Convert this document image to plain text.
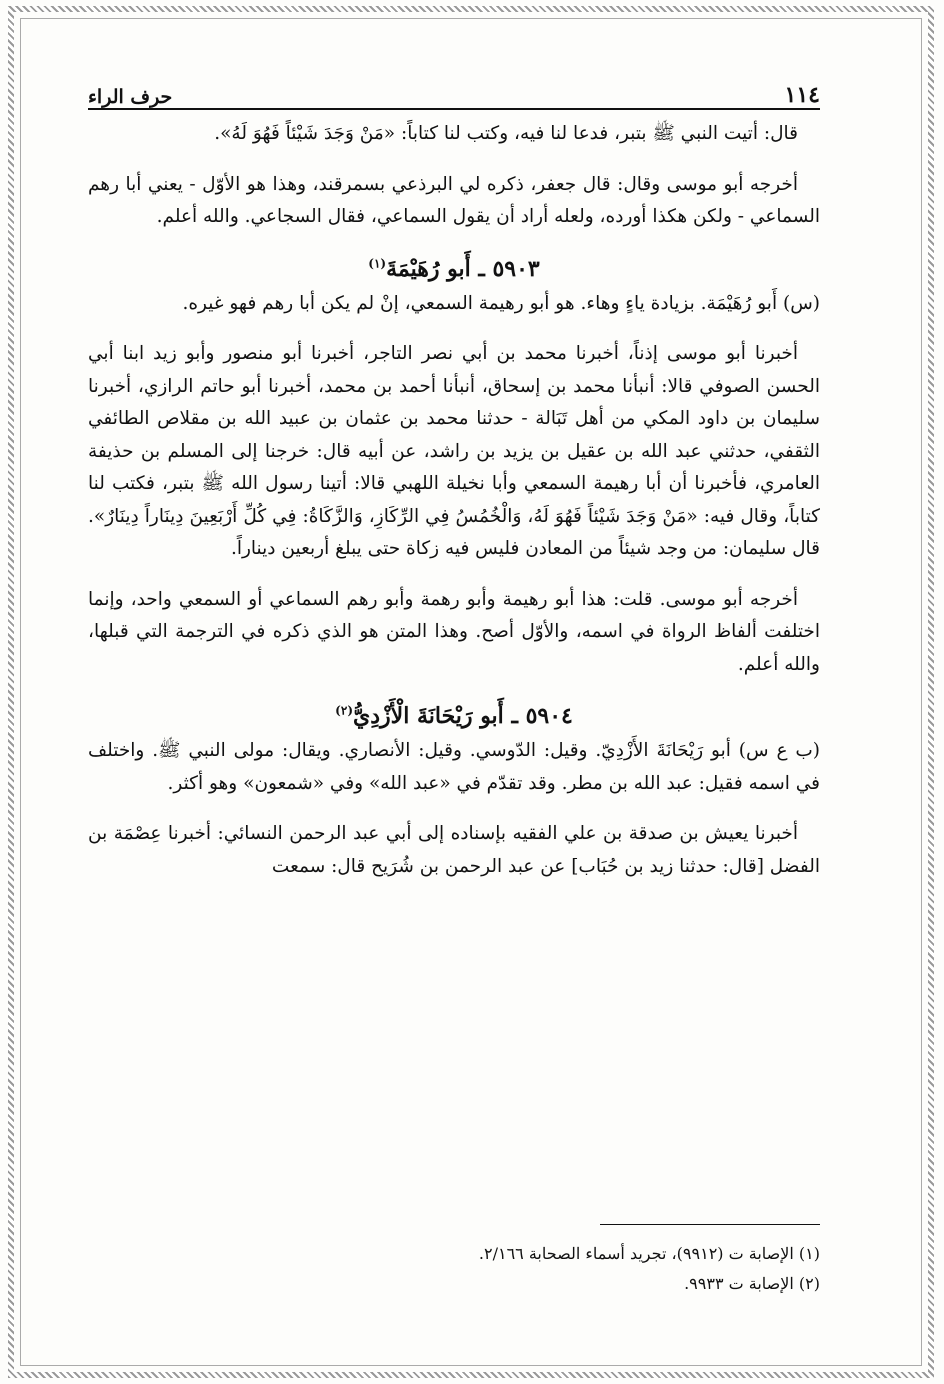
١١٤
حرف الراء

قال: أتيت النبي ﷺ بتبر، فدعا لنا فيه، وكتب لنا كتاباً: «مَنْ وَجَدَ شَيْئاً فَهُوَ لَهُ».

أخرجه أبو موسى وقال: قال جعفر، ذكره لي البرذعي بسمرقند، وهذا هو الأوّل - يعني أبا رهم السماعي - ولكن هكذا أورده، ولعله أراد أن يقول السماعي، فقال السجاعي. والله أعلم.

٥٩٠٣ ـ أَبو رُهَيْمَةَ$^{(١)}$

(س) أَبو رُهَيْمَة. بزيادة ياءٍ وهاء. هو أبو رهيمة السمعي، إنْ لم يكن أبا رهم فهو غيره.

أخبرنا أبو موسى إذناً، أخبرنا محمد بن أبي نصر التاجر، أخبرنا أبو منصور وأبو زيد ابنا أبي الحسن الصوفي قالا: أنبأنا محمد بن إسحاق، أنبأنا أحمد بن محمد، أخبرنا أبو حاتم الرازي، أخبرنا سليمان بن داود المكي من أهل تَبَالة - حدثنا محمد بن عثمان بن عبيد الله بن مقلاص الطائفي الثقفي، حدثني عبد الله بن عقيل بن يزيد بن راشد، عن أبيه قال: خرجنا إلى المسلم بن حذيفة العامري، فأخبرنا أن أبا رهيمة السمعي وأبا نخيلة اللهبي قالا: أتينا رسول الله ﷺ بتبر، فكتب لنا كتاباً، وقال فيه: «مَنْ وَجَدَ شَيْئاً فَهُوَ لَهُ، وَالْخُمُسُ فِي الرِّكَازِ، وَالزَّكَاةُ: فِي كُلِّ أَرْبَعِينَ دِينَاراً دِينَارٌ». قال سليمان: من وجد شيئاً من المعادن فليس فيه زكاة حتى يبلغ أربعين ديناراً.

أخرجه أبو موسى. قلت: هذا أبو رهيمة وأبو رهمة وأبو رهم السماعي أو السمعي واحد، وإنما اختلفت ألفاظ الرواة في اسمه، والأوّل أصح. وهذا المتن هو الذي ذكره في الترجمة التي قبلها، والله أعلم.

٥٩٠٤ ـ أَبو رَيْحَانَةَ الْأَزْدِيُّ$^{(٢)}$

(ب ع س) أبو رَيْحَانَةَ الأَزْدِيّ. وقيل: الدّوسي. وقيل: الأنصاري. ويقال: مولى النبي ﷺ. واختلف في اسمه فقيل: عبد الله بن مطر. وقد تقدّم في «عبد الله» وفي «شمعون» وهو أكثر.

أخبرنا يعيش بن صدقة بن علي الفقيه بإسناده إلى أبي عبد الرحمن النسائي: أخبرنا عِصْمَة بن الفضل [قال: حدثنا زيد بن حُبَاب] عن عبد الرحمن بن شُرَيح قال: سمعت

(١) الإصابة ت (٩٩١٢)، تجريد أسماء الصحابة ٢/١٦٦.
(٢) الإصابة ت ٩٩٣٣.
